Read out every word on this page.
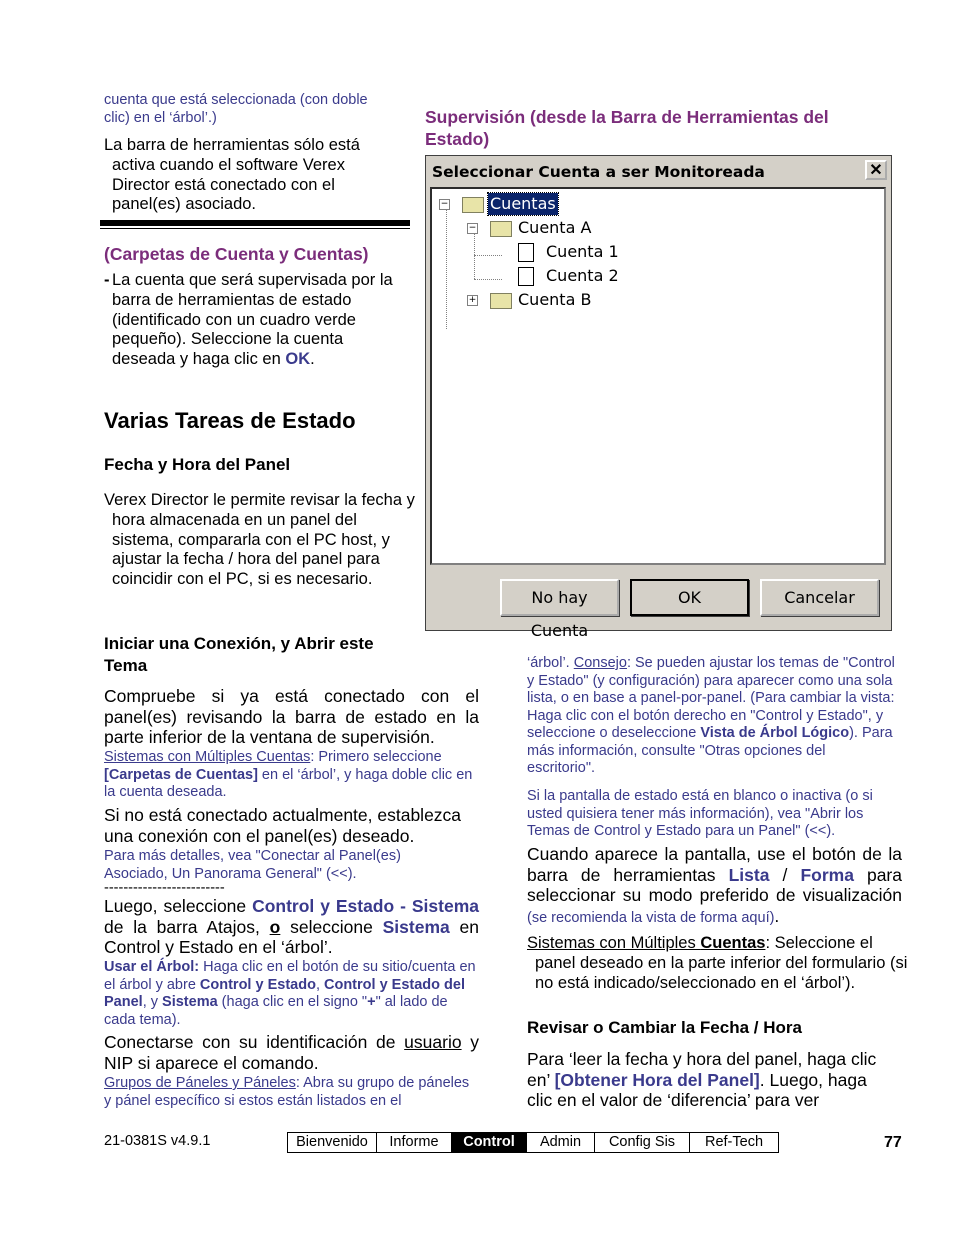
cuenta que está seleccionada (con doble clic) en el ‘árbol’.)
La barra de herramientas sólo está activa cuando el software Verex Director está conectado con el panel(es) asociado.
(Carpetas de Cuenta y Cuentas)
- La cuenta que será supervisada por la barra de herramientas de estado (identificado con un cuadro verde pequeño). Seleccione la cuenta deseada y haga clic en OK.
Varias Tareas de Estado
Fecha y Hora del Panel
Verex Director le permite revisar la fecha y hora almacenada en un panel del sistema, compararla con el PC host, y ajustar la fecha / hora del panel para coincidir con el PC, si es necesario.
Iniciar una Conexión, y Abrir este Tema
Compruebe si ya está conectado con el panel(es) revisando la barra de estado en la parte inferior de la ventana de supervisión.
Sistemas con Múltiples Cuentas: Primero seleccione [Carpetas de Cuentas] en el ‘árbol’, y haga doble clic en la cuenta deseada.
Si no está conectado actualmente, establezca una conexión con el panel(es) deseado.
Para más detalles, vea "Conectar al Panel(es) Asociado, Un Panorama General" (<<).
-------------------------
Luego, seleccione Control y Estado - Sistema de la barra Atajos, o seleccione Sistema en Control y Estado en el ‘árbol’.
Usar el Árbol: Haga clic en el botón de su sitio/cuenta en el árbol y abre Control y Estado, Control y Estado del Panel, y Sistema (haga clic en el signo "+" al lado de cada tema).
Conectarse con su identificación de usuario y NIP si aparece el comando.
Grupos de Páneles y Páneles: Abra su grupo de páneles y pánel específico si estos están listados en el
Supervisión (desde la Barra de Herramientas del Estado)
Seleccionar Cuenta a ser Monitoreada	✕
−	Cuentas
−	Cuenta A
Cuenta 1
Cuenta 2
+	Cuenta B
No hay Cuenta
OK	Cancelar
‘árbol’. Consejo: Se pueden ajustar los temas de "Control y Estado" (y configuración) para aparecer como una sola lista, o en base a panel-por-panel. (Para cambiar la vista: Haga clic con el botón derecho en "Control y Estado", y seleccione o deseleccione Vista de Árbol Lógico). Para más información, consulte "Otras opciones del escritorio".
Si la pantalla de estado está en blanco o inactiva (o si usted quisiera tener más información), vea "Abrir los Temas de Control y Estado para un Panel" (<<).
Cuando aparece la pantalla, use el botón de la barra de herramientas Lista / Forma para seleccionar su modo preferido de visualización (se recomienda la vista de forma aquí).
Sistemas con Múltiples Cuentas: Seleccione el panel deseado en la parte inferior del formulario (si no está indicado/seleccionado en el ‘árbol’).
Revisar o Cambiar la Fecha / Hora
Para ‘leer la fecha y hora del panel, haga clic en’ [Obtener Hora del Panel]. Luego, haga clic en el valor de ‘diferencia’ para ver
21-0381S v4.9.1	Bienvenido	Informe	Control	Admin	Config Sis	Ref-Tech	77
